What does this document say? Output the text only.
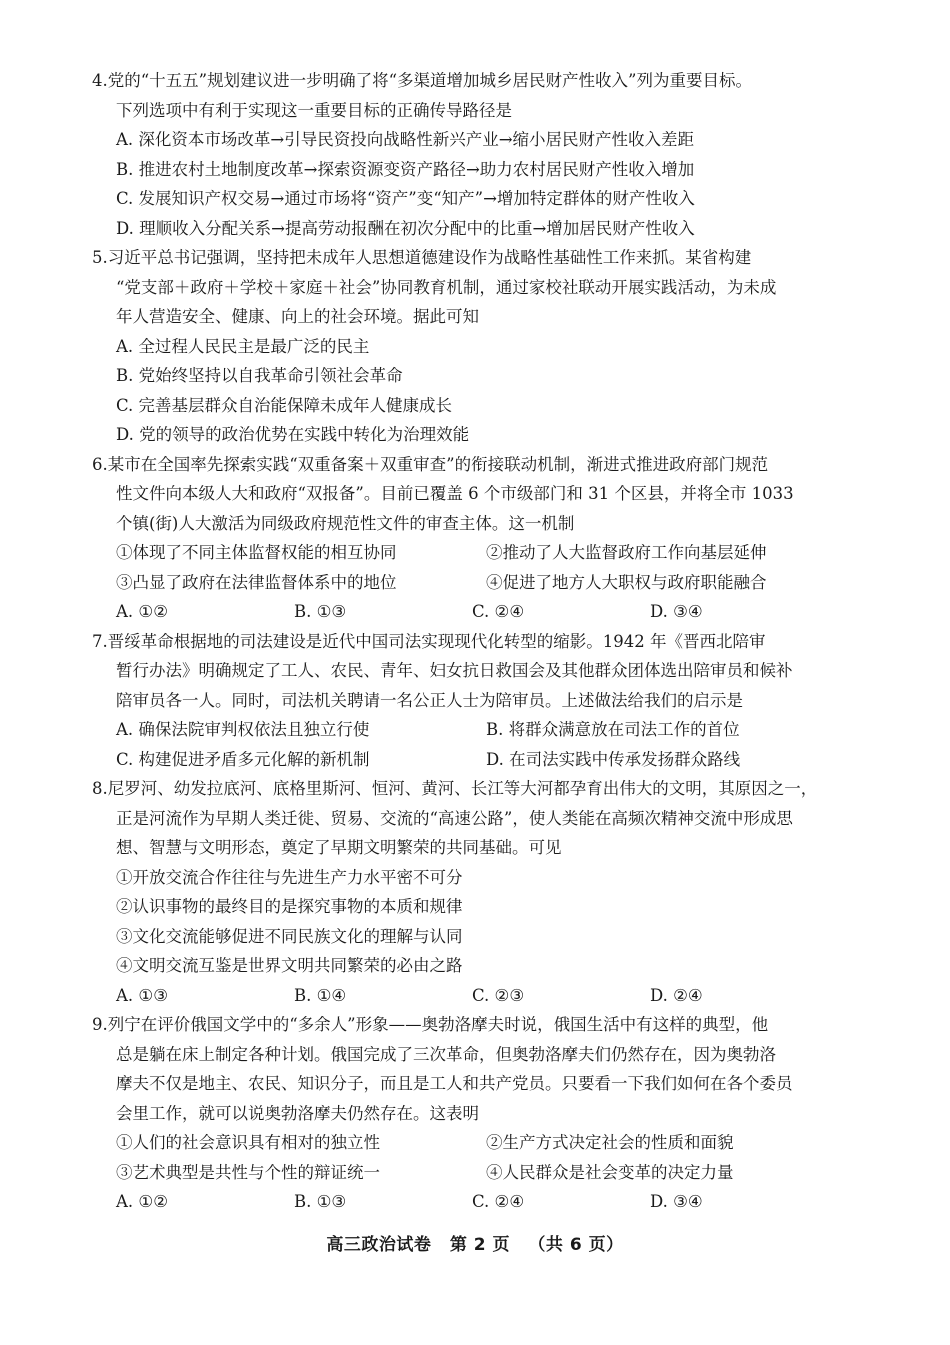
4.党的“十五五”规划建议进一步明确了将“多渠道增加城乡居民财产性收入”列为重要目标。
下列选项中有利于实现这一重要目标的正确传导路径是
A. 深化资本市场改革→引导民资投向战略性新兴产业→缩小居民财产性收入差距
B. 推进农村土地制度改革→探索资源变资产路径→助力农村居民财产性收入增加
C. 发展知识产权交易→通过市场将“资产”变“知产”→增加特定群体的财产性收入
D. 理顺收入分配关系→提高劳动报酬在初次分配中的比重→增加居民财产性收入
5.习近平总书记强调，坚持把未成年人思想道德建设作为战略性基础性工作来抓。某省构建
“党支部＋政府＋学校＋家庭＋社会”协同教育机制，通过家校社联动开展实践活动，为未成
年人营造安全、健康、向上的社会环境。据此可知
A. 全过程人民民主是最广泛的民主
B. 党始终坚持以自我革命引领社会革命
C. 完善基层群众自治能保障未成年人健康成长
D. 党的领导的政治优势在实践中转化为治理效能
6.某市在全国率先探索实践“双重备案＋双重审查”的衔接联动机制，渐进式推进政府部门规范
性文件向本级人大和政府“双报备”。目前已覆盖 6 个市级部门和 31 个区县，并将全市 1033
个镇(街)人大激活为同级政府规范性文件的审查主体。这一机制
①体现了不同主体监督权能的相互协同	②推动了人大监督政府工作向基层延伸
③凸显了政府在法律监督体系中的地位	④促进了地方人大职权与政府职能融合
A. ①②	B. ①③	C. ②④	D. ③④
7.晋绥革命根据地的司法建设是近代中国司法实现现代化转型的缩影。1942 年《晋西北陪审
暂行办法》明确规定了工人、农民、青年、妇女抗日救国会及其他群众团体选出陪审员和候补
陪审员各一人。同时，司法机关聘请一名公正人士为陪审员。上述做法给我们的启示是
A. 确保法院审判权依法且独立行使	B. 将群众满意放在司法工作的首位
C. 构建促进矛盾多元化解的新机制	D. 在司法实践中传承发扬群众路线
8.尼罗河、幼发拉底河、底格里斯河、恒河、黄河、长江等大河都孕育出伟大的文明，其原因之一，
正是河流作为早期人类迁徙、贸易、交流的“高速公路”，使人类能在高频次精神交流中形成思
想、智慧与文明形态，奠定了早期文明繁荣的共同基础。可见
①开放交流合作往往与先进生产力水平密不可分
②认识事物的最终目的是探究事物的本质和规律
③文化交流能够促进不同民族文化的理解与认同
④文明交流互鉴是世界文明共同繁荣的必由之路
A. ①③	B. ①④	C. ②③	D. ②④
9.列宁在评价俄国文学中的“多余人”形象——奥勃洛摩夫时说，俄国生活中有这样的典型，他
总是躺在床上制定各种计划。俄国完成了三次革命，但奥勃洛摩夫们仍然存在，因为奥勃洛
摩夫不仅是地主、农民、知识分子，而且是工人和共产党员。只要看一下我们如何在各个委员
会里工作，就可以说奥勃洛摩夫仍然存在。这表明
①人们的社会意识具有相对的独立性	②生产方式决定社会的性质和面貌
③艺术典型是共性与个性的辩证统一	④人民群众是社会变革的决定力量
A. ①②	B. ①③	C. ②④	D. ③④
高三政治试卷 第 2 页 （共 6 页）
